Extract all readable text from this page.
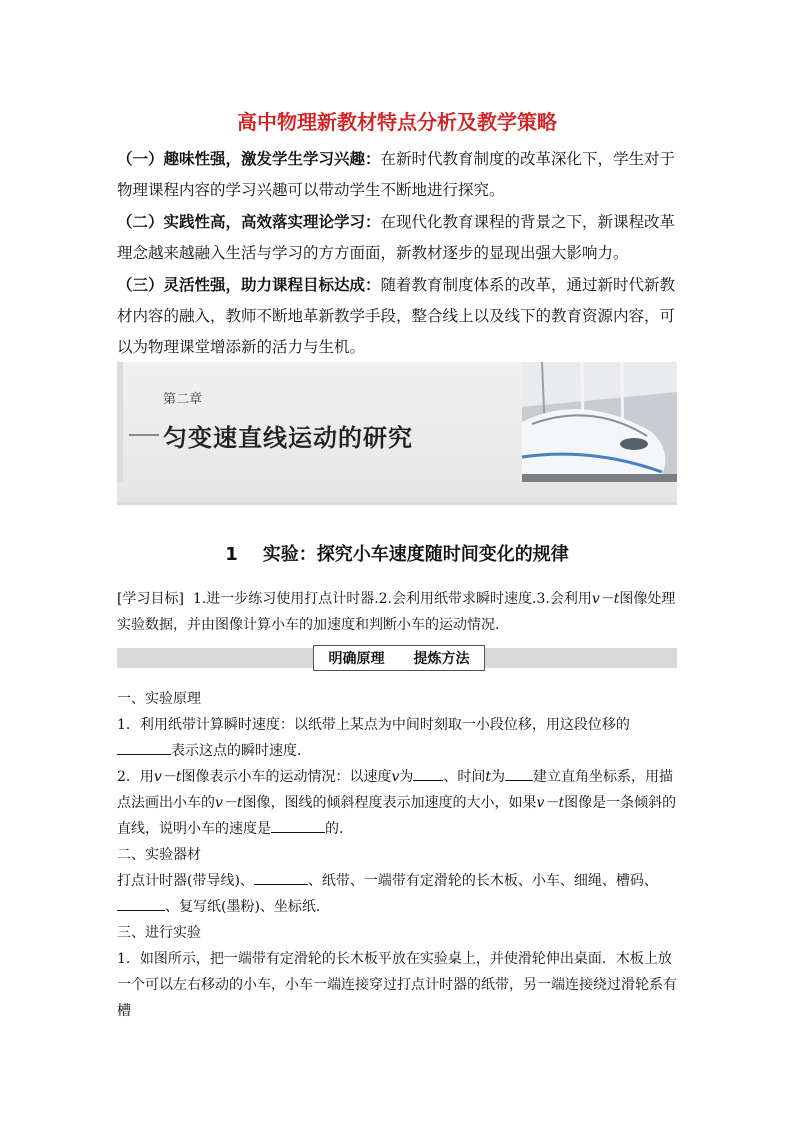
高中物理新教材特点分析及教学策略

（一）趣味性强，激发学生学习兴趣：在新时代教育制度的改革深化下，学生对于物理课程内容的学习兴趣可以带动学生不断地进行探究。

（二）实践性高，高效落实理论学习：在现代化教育课程的背景之下，新课程改革理念越来越融入生活与学习的方方面面，新教材逐步的显现出强大影响力。

（三）灵活性强，助力课程目标达成：随着教育制度体系的改革，通过新时代新教材内容的融入，教师不断地革新教学手段，整合线上以及线下的教育资源内容，可以为物理课堂增添新的活力与生机。

第二章
匀变速直线运动的研究
1 实验：探究小车速度随时间变化的规律
[学习目标] 1.进一步练习使用打点计时器.2.会利用纸带求瞬时速度.3.会利用v－t图像处理实验数据，并由图像计算小车的加速度和判断小车的运动情况.
明确原理 提炼方法

一、实验原理

1．利用纸带计算瞬时速度：以纸带上某点为中间时刻取一小段位移，用这段位移的表示这点的瞬时速度．

2．用v－t图像表示小车的运动情况：以速度v为 、时间t为 建立直角坐标系，用描点法画出小车的v－t图像，图线的倾斜程度表示加速度的大小，如果v－t图像是一条倾斜的直线，说明小车的速度是	的．

二、实验器材

打点计时器(带导线)、	、纸带、一端带有定滑轮的长木板、小车、细绳、槽码、、复写纸(墨粉)、坐标纸．

三、进行实验

1．如图所示，把一端带有定滑轮的长木板平放在实验桌上，并使滑轮伸出桌面．木板上放一个可以左右移动的小车，小车一端连接穿过打点计时器的纸带，另一端连接绕过滑轮系有槽
